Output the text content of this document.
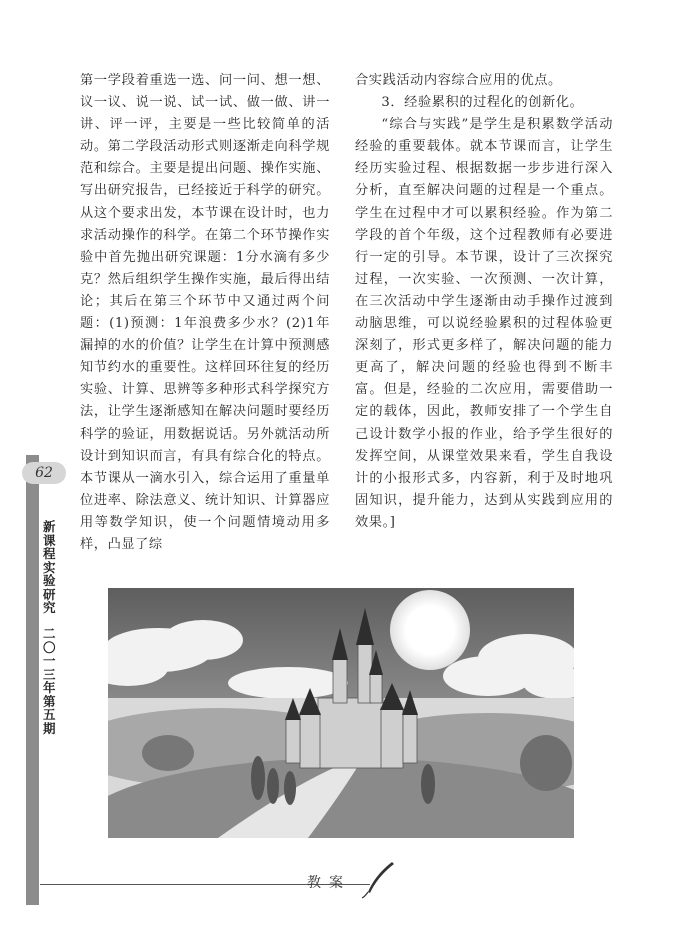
第一学段着重选一选、问一问、想一想、议一议、说一说、试一试、做一做、讲一讲、评一评，主要是一些比较简单的活动。第二学段活动形式则逐渐走向科学规范和综合。主要是提出问题、操作实施、写出研究报告，已经接近于科学的研究。从这个要求出发，本节课在设计时，也力求活动操作的科学。在第二个环节操作实验中首先抛出研究课题：1分水滴有多少克？然后组织学生操作实施，最后得出结论；其后在第三个环节中又通过两个问题：(1)预测：1年浪费多少水？(2)1年漏掉的水的价值？让学生在计算中预测感知节约水的重要性。这样回环往复的经历实验、计算、思辨等多种形式科学探究方法，让学生逐渐感知在解决问题时要经历科学的验证，用数据说话。另外就活动所设计到知识而言，有具有综合化的特点。本节课从一滴水引入，综合运用了重量单位进率、除法意义、统计知识、计算器应用等数学知识，使一个问题情境动用多样，凸显了综

合实践活动内容综合应用的优点。

3．经验累积的过程化的创新化。

“综合与实践”是学生是积累数学活动经验的重要载体。就本节课而言，让学生经历实验过程、根据数据一步步进行深入分析，直至解决问题的过程是一个重点。学生在过程中才可以累积经验。作为第二学段的首个年级，这个过程教师有必要进行一定的引导。本节课，设计了三次探究过程，一次实验、一次预测、一次计算，在三次活动中学生逐渐由动手操作过渡到动脑思维，可以说经验累积的过程体验更深刻了，形式更多样了，解决问题的能力更高了，解决问题的经验也得到不断丰富。但是，经验的二次应用，需要借助一定的载体，因此，教师安排了一个学生自己设计数学小报的作业，给予学生很好的发挥空间，从课堂效果来看，学生自我设计的小报形式多，内容新，利于及时地巩固知识，提升能力，达到从实践到应用的效果。]

62
新课程实验研究
二〇一三年第五期
教案
